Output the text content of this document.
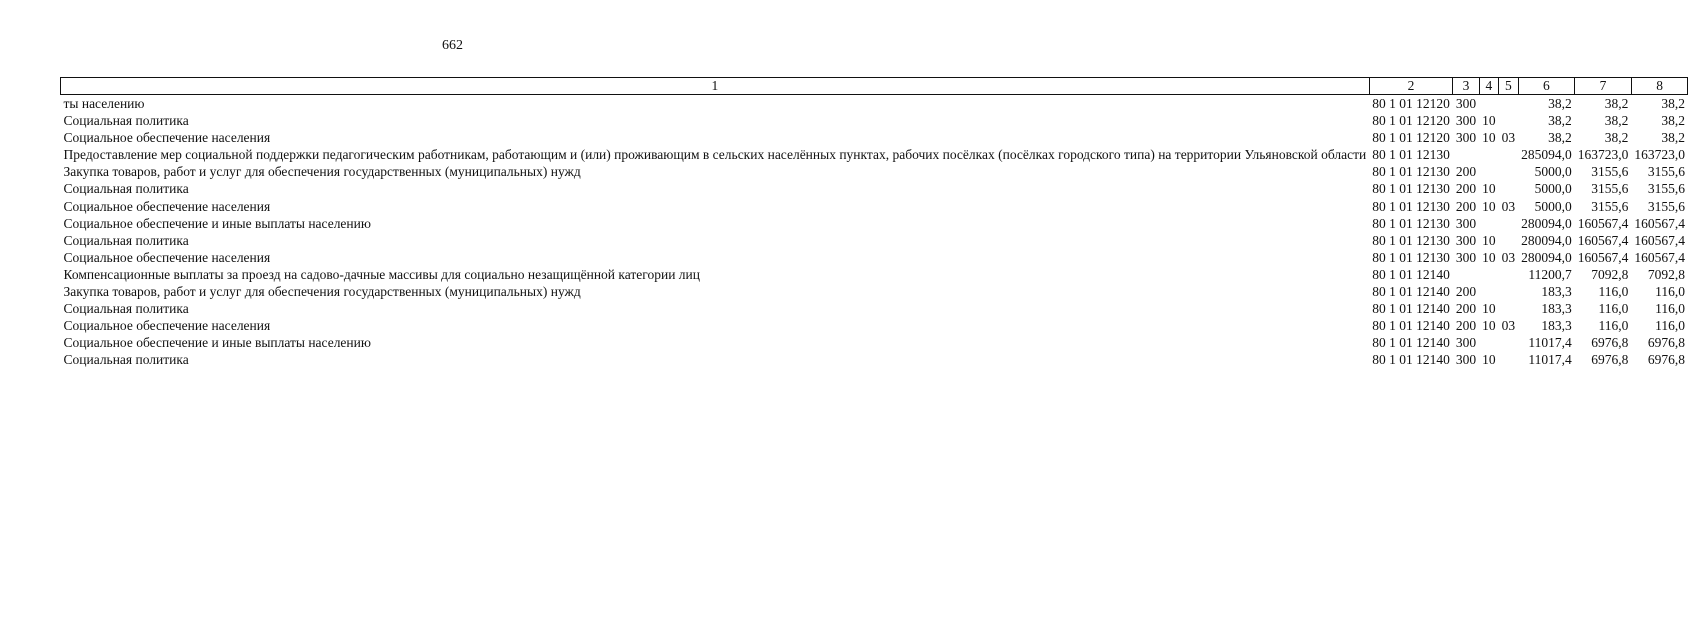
662
1	2	3	4	5	6	7	8
ты населению	80 1 01 12120	300			38,2	38,2	38,2
Социальная политика	80 1 01 12120	300	10		38,2	38,2	38,2
Социальное обеспечение населения	80 1 01 12120	300	10	03	38,2	38,2	38,2
Предоставление мер социальной поддержки педагогическим работникам, работающим и (или) проживающим в сельских населённых пунктах, рабочих посёлках (посёлках городского типа) на территории Ульяновской области	80 1 01 12130				285094,0	163723,0	163723,0
Закупка товаров, работ и услуг для обеспечения государственных (муниципальных) нужд	80 1 01 12130	200			5000,0	3155,6	3155,6
Социальная политика	80 1 01 12130	200	10		5000,0	3155,6	3155,6
Социальное обеспечение населения	80 1 01 12130	200	10	03	5000,0	3155,6	3155,6
Социальное обеспечение и иные выплаты населению	80 1 01 12130	300			280094,0	160567,4	160567,4
Социальная политика	80 1 01 12130	300	10		280094,0	160567,4	160567,4
Социальное обеспечение населения	80 1 01 12130	300	10	03	280094,0	160567,4	160567,4
Компенсационные выплаты за проезд на садово-дачные массивы для социально незащищённой категории лиц	80 1 01 12140				11200,7	7092,8	7092,8
Закупка товаров, работ и услуг для обеспечения государственных (муниципальных) нужд	80 1 01 12140	200			183,3	116,0	116,0
Социальная политика	80 1 01 12140	200	10		183,3	116,0	116,0
Социальное обеспечение населения	80 1 01 12140	200	10	03	183,3	116,0	116,0
Социальное обеспечение и иные выплаты населению	80 1 01 12140	300			11017,4	6976,8	6976,8
Социальная политика	80 1 01 12140	300	10		11017,4	6976,8	6976,8
